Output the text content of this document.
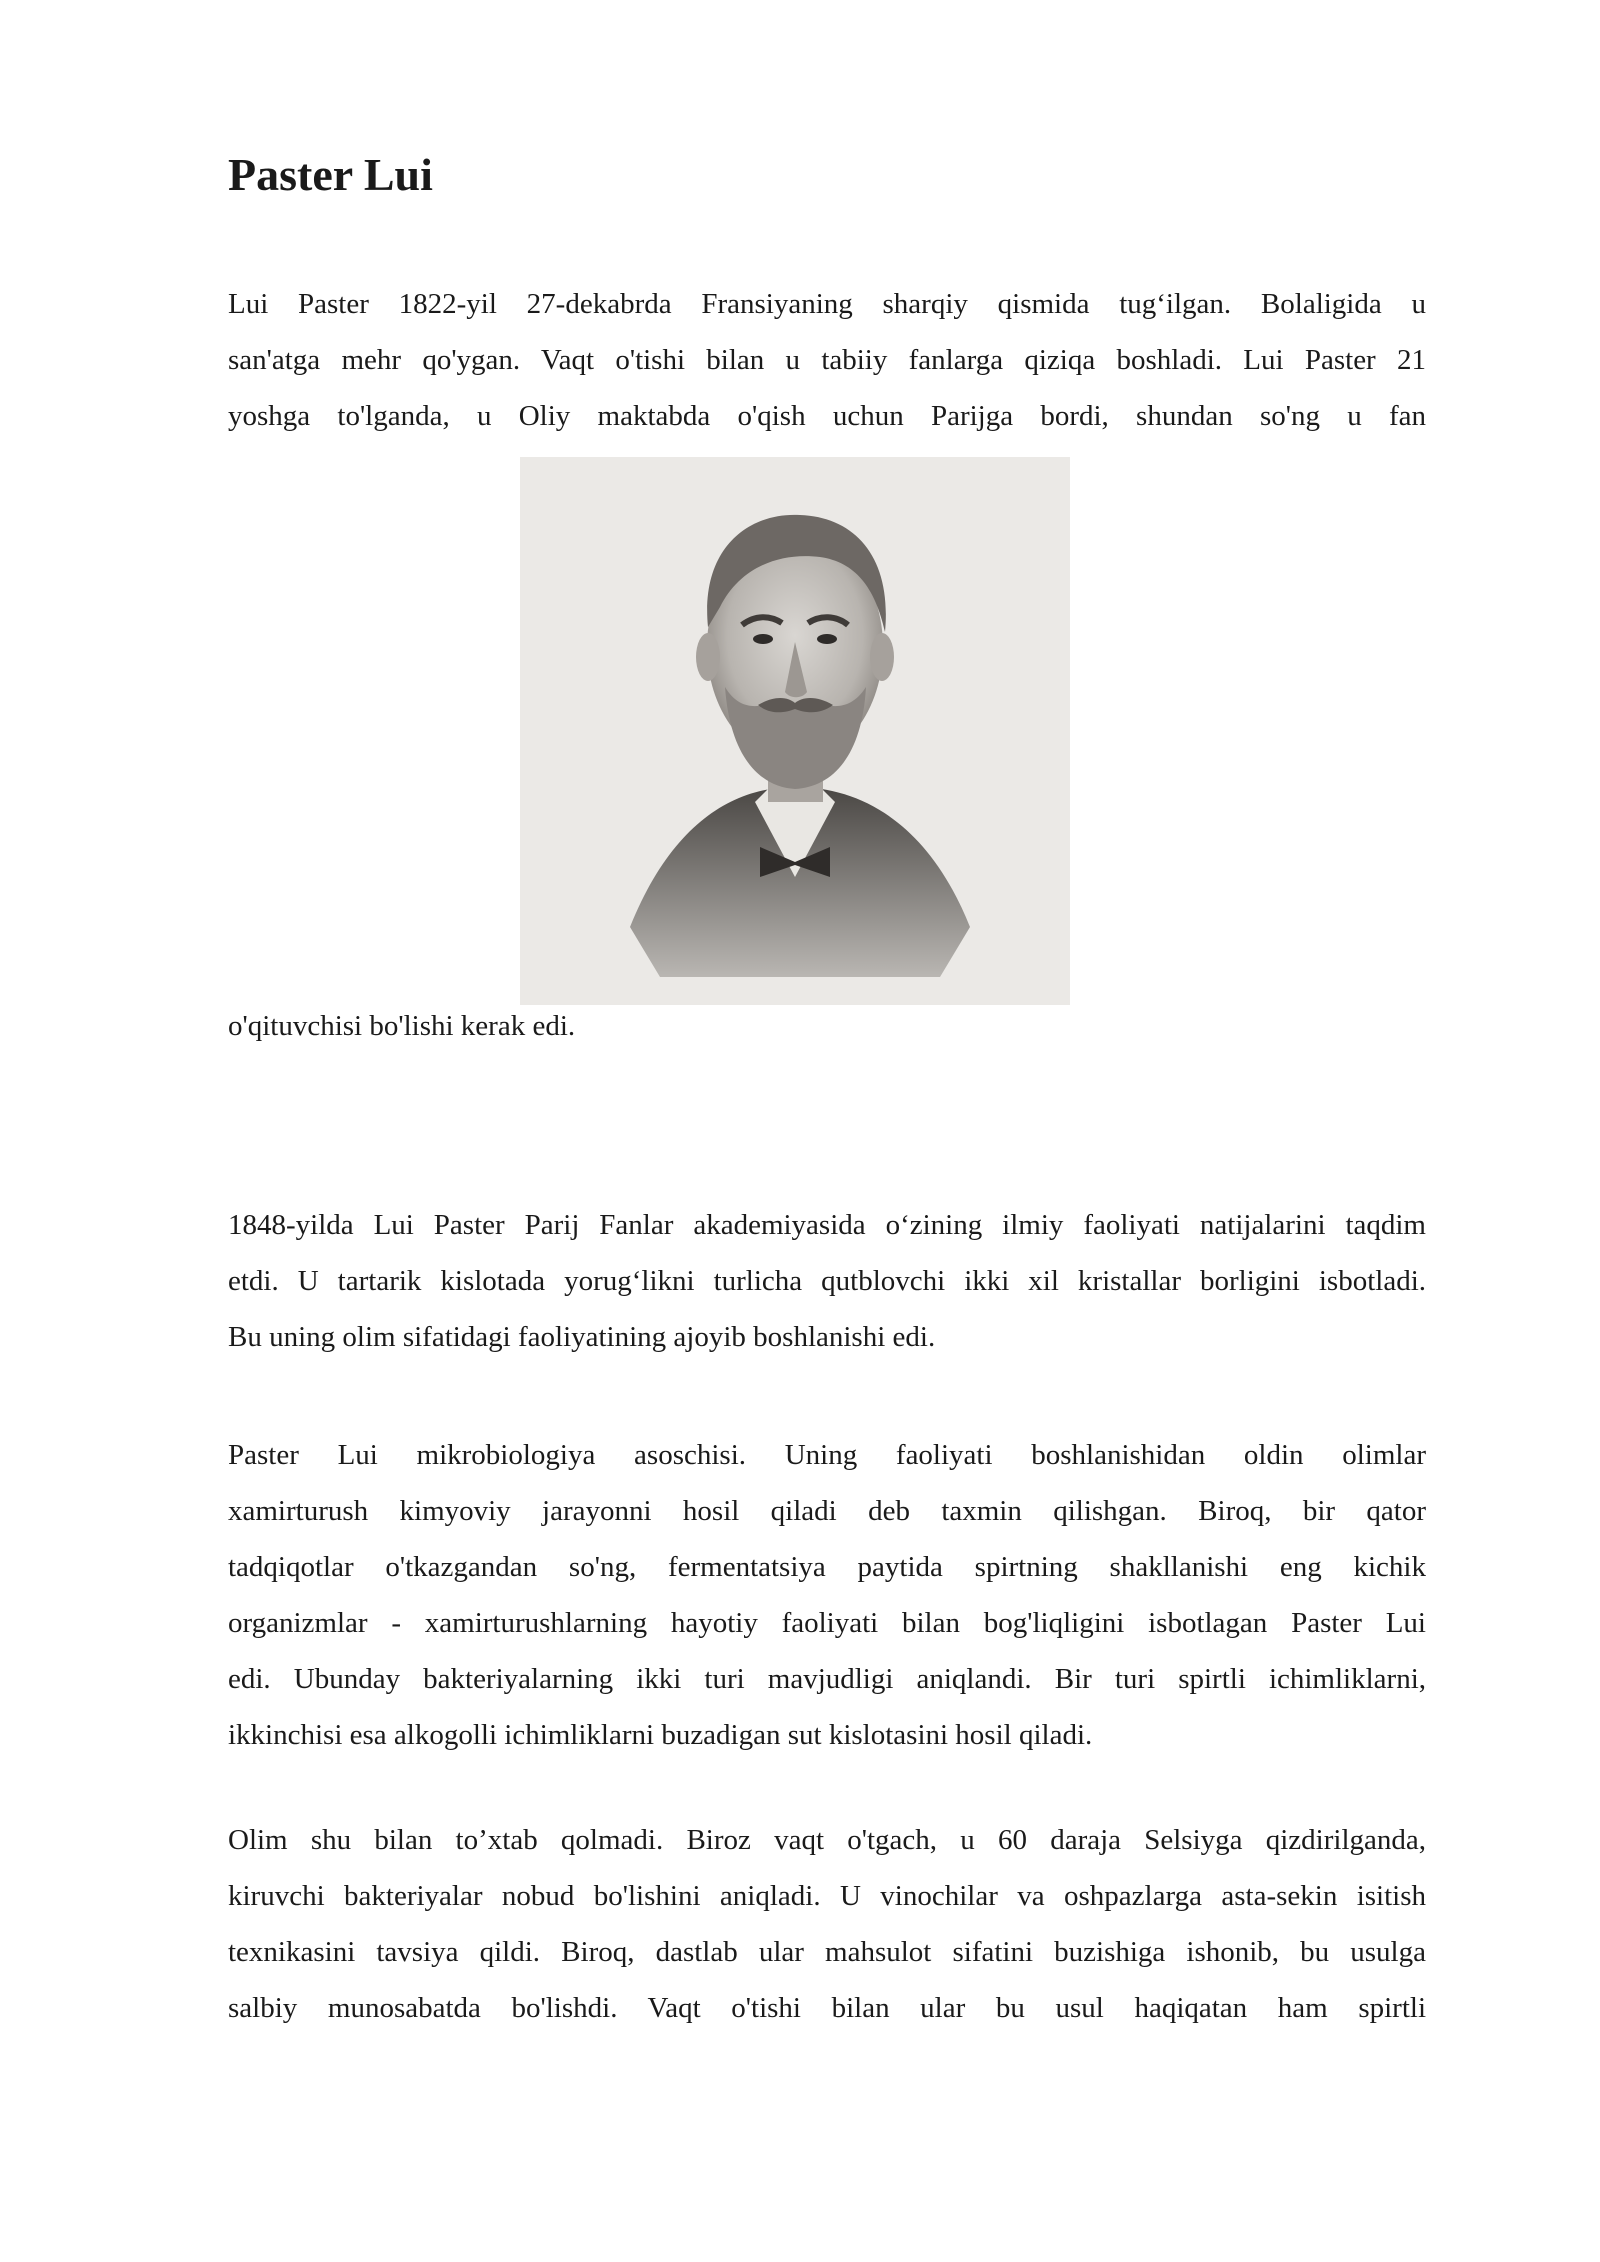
Paster Lui

Lui Paster 1822-yil 27-dekabrda Fransiyaning sharqiy qismida tug‘ilgan. Bolaligida u

san'atga mehr qo'ygan. Vaqt o'tishi bilan u tabiiy fanlarga qiziqa boshladi. Lui Paster 21

yoshga to'lganda, u Oliy maktabda o'qish uchun Parijga bordi, shundan so'ng u fan

o'qituvchisi bo'lishi kerak edi.

1848-yilda Lui Paster Parij Fanlar akademiyasida o‘zining ilmiy faoliyati natijalarini taqdim

etdi. U tartarik kislotada yorug‘likni turlicha qutblovchi ikki xil kristallar borligini isbotladi.

Bu uning olim sifatidagi faoliyatining ajoyib boshlanishi edi.

Paster Lui mikrobiologiya asoschisi. Uning faoliyati boshlanishidan oldin olimlar

xamirturush kimyoviy jarayonni hosil qiladi deb taxmin qilishgan. Biroq, bir qator

tadqiqotlar o'tkazgandan so'ng, fermentatsiya paytida spirtning shakllanishi eng kichik

organizmlar - xamirturushlarning hayotiy faoliyati bilan bog'liqligini isbotlagan Paster Lui

edi. Ubunday bakteriyalarning ikki turi mavjudligi aniqlandi. Bir turi spirtli ichimliklarni,

ikkinchisi esa alkogolli ichimliklarni buzadigan sut kislotasini hosil qiladi.

Olim shu bilan to’xtab qolmadi. Biroz vaqt o'tgach, u 60 daraja Selsiyga qizdirilganda,

kiruvchi bakteriyalar nobud bo'lishini aniqladi. U vinochilar va oshpazlarga asta-sekin isitish

texnikasini tavsiya qildi. Biroq, dastlab ular mahsulot sifatini buzishiga ishonib, bu usulga

salbiy munosabatda bo'lishdi. Vaqt o'tishi bilan ular bu usul haqiqatan ham spirtli
